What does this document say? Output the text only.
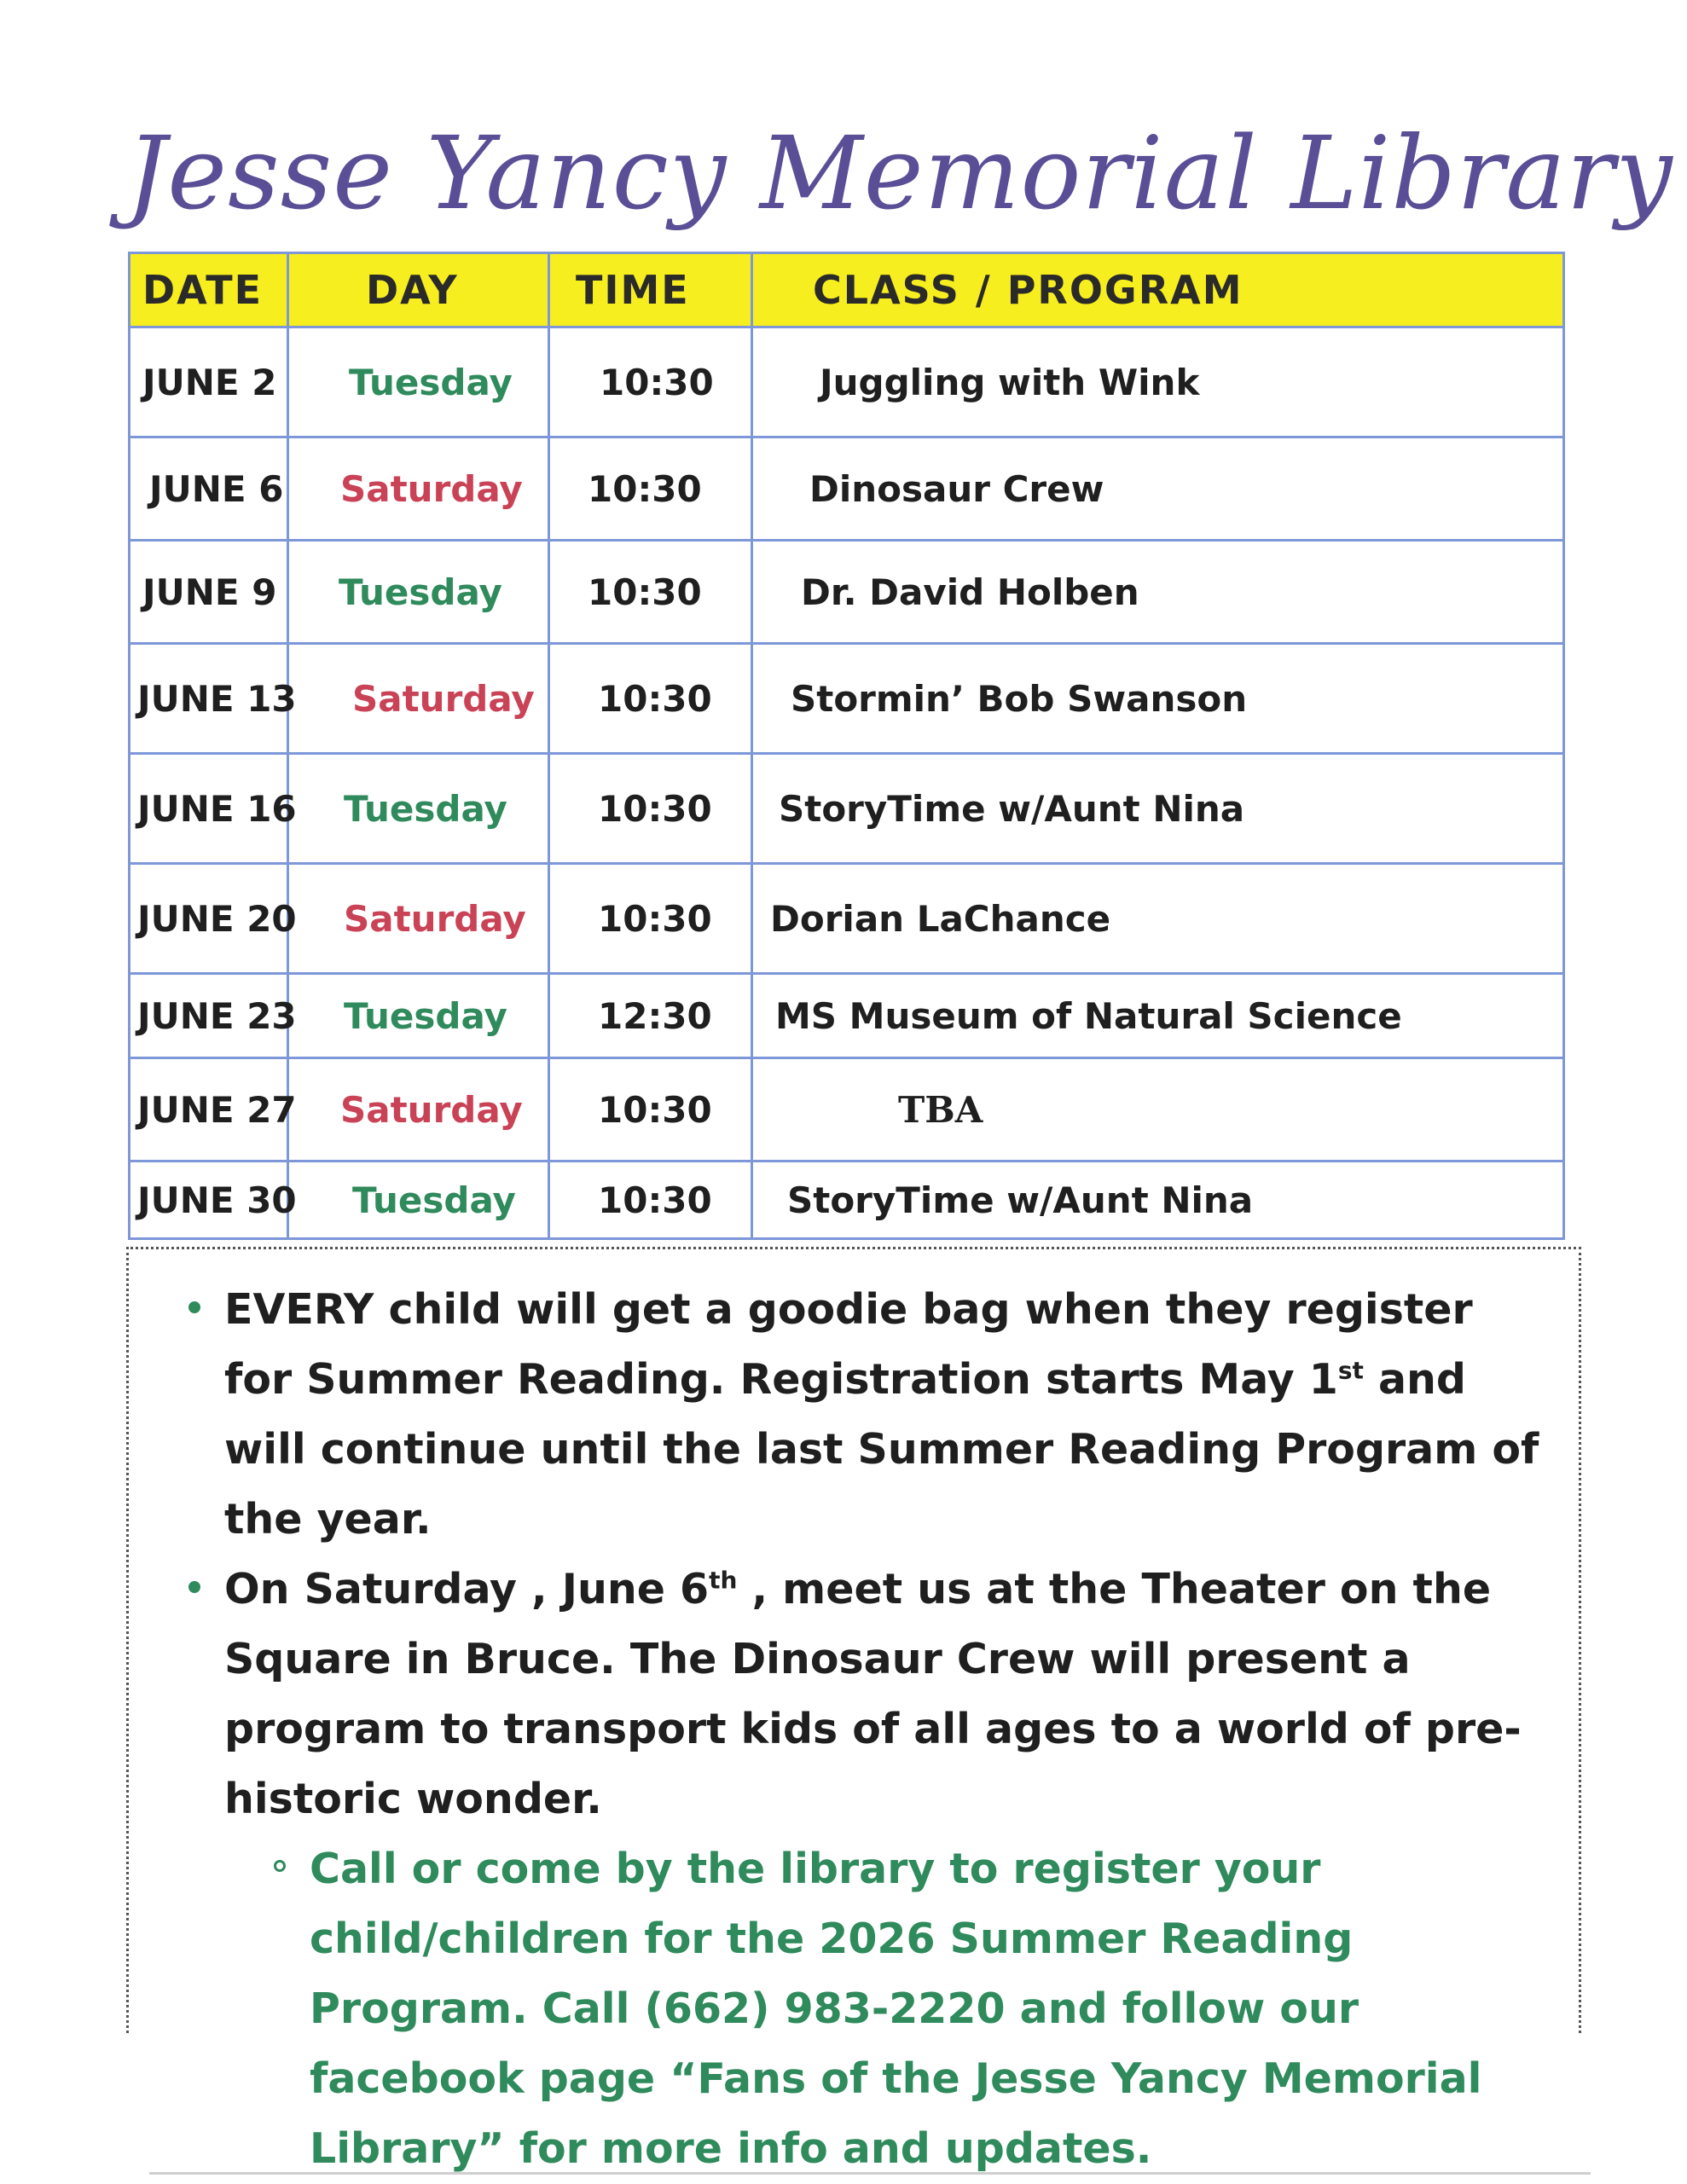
Jesse Yancy Memorial Library
DATE	DAY	TIME	CLASS / PROGRAM
JUNE 2	Tuesday	10:30	Juggling with Wink
JUNE 6	Saturday	10:30	Dinosaur Crew
JUNE 9	Tuesday	10:30	Dr. David Holben
JUNE 13	Saturday	10:30	Stormin’ Bob Swanson
JUNE 16	Tuesday	10:30	StoryTime w/Aunt Nina
JUNE 20	Saturday	10:30	Dorian LaChance
JUNE 23	Tuesday	12:30	MS Museum of Natural Science
JUNE 27	Saturday	10:30	TBA
JUNE 30	Tuesday	10:30	StoryTime w/Aunt Nina

EVERY child will get a goodie bag when they register for Summer Reading. Registration starts May 1st and will continue until the last Summer Reading Program of the year.

On Saturday , June 6th , meet us at the Theater on the Square in Bruce. The Dinosaur Crew will present a program to transport kids of all ages to a world of pre-historic wonder.

Call or come by the library to register your child/children for the 2026 Summer Reading Program. Call (662) 983-2220 and follow our facebook page “Fans of the Jesse Yancy Memorial Library” for more info and updates.
